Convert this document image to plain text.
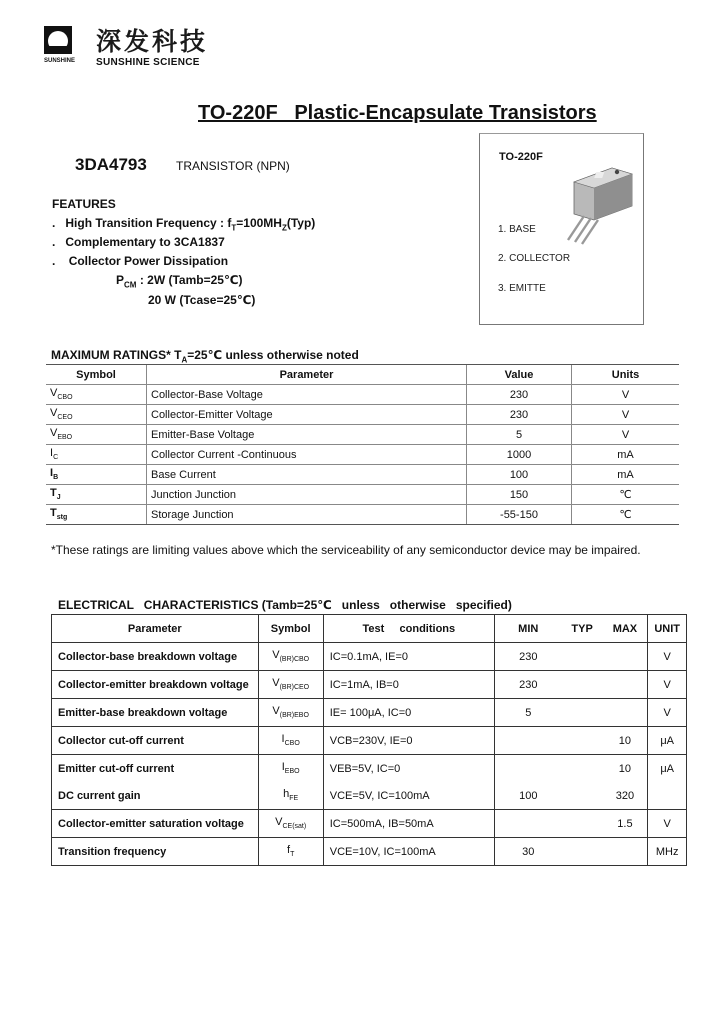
深发科技
SUNSHINE SUNSHINE SCIENCE
TO-220F   Plastic-Encapsulate Transistors
3DA4793 TRANSISTOR (NPN)
FEATURES
. High Transition Frequency : $f_T=100MH_Z(Typ)$
. Complementary to 3CA1837
. Collector Power Dissipation
$P_{CM}$ : 2W (Tamb=25℃)
20 W (Tcase=25℃)
TO-220F
1. BASE
2. COLLECTOR
3. EMITTE
MAXIMUM RATINGS* $T_A=25℃$ unless otherwise noted
Symbol	Parameter	Value	Units
$V_{CBO}$	Collector-Base Voltage	230	V
$V_{CEO}$	Collector-Emitter Voltage	230	V
$V_{EBO}$	Emitter-Base Voltage	5	V
$I_C$	Collector Current -Continuous	1000	mA
$I_B$	Base Current	100	mA
$T_J$	Junction Junction	150	℃
$T_{stg}$	Storage Junction	-55-150	℃
*These ratings are limiting values above which the serviceability of any semiconductor device may be impaired.
ELECTRICAL   CHARACTERISTICS (Tamb=25℃   unless   otherwise   specified)
Parameter	Symbol	Test     conditions	MIN	TYP	MAX	UNIT
Collector-base breakdown voltage	$V_{(BR)CBO}$	IC=0.1mA, IE=0	230			V
Collector-emitter breakdown voltage	$V_{(BR)CEO}$	IC=1mA, IB=0	230			V
Emitter-base breakdown voltage	$V_{(BR)EBO}$	IE= 100μA, IC=0	5			V
Collector cut-off current	$I_{CBO}$	VCB=230V, IE=0			10	μA
Emitter cut-off current	$I_{EBO}$	VEB=5V, IC=0			10	μA
DC current gain	$h_{FE}$	VCE=5V, IC=100mA	100		320	
Collector-emitter saturation voltage	$V_{CE(sat)}$	IC=500mA, IB=50mA			1.5	V
Transition frequency	$f_T$	VCE=10V, IC=100mA	30			MHz
